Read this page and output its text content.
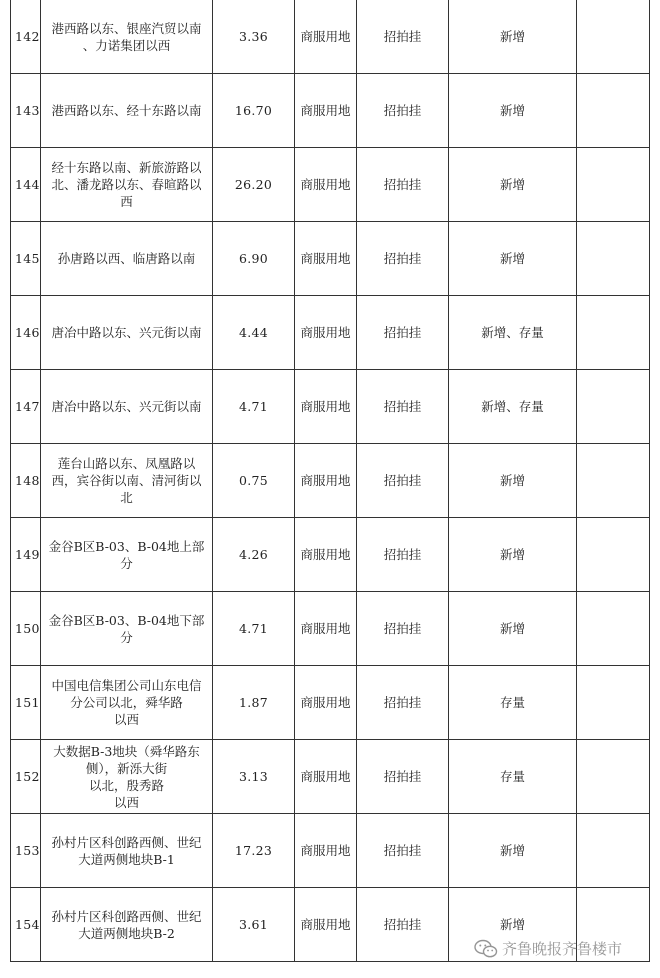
142	港西路以东、银座汽贸以南
、力诺集团以西	3.36	商服用地	招拍挂	新增	
143	港西路以东、经十东路以南	16.70	商服用地	招拍挂	新增	
144	经十东路以南、新旅游路以
北、潘龙路以东、春暄路以
西	26.20	商服用地	招拍挂	新增	
145	孙唐路以西、临唐路以南	6.90	商服用地	招拍挂	新增	
146	唐冶中路以东、兴元街以南	4.44	商服用地	招拍挂	新增、存量	
147	唐冶中路以东、兴元街以南	4.71	商服用地	招拍挂	新增、存量	
148	莲台山路以东、凤凰路以
西，宾谷街以南、清河街以
北	0.75	商服用地	招拍挂	新增	
149	金谷B区B-03、B-04地上部
分	4.26	商服用地	招拍挂	新增	
150	金谷B区B-03、B-04地下部
分	4.71	商服用地	招拍挂	新增	
151	中国电信集团公司山东电信
分公司以北，舜华路
以西	1.87	商服用地	招拍挂	存量	
152	大数据B-3地块（舜华路东
侧），新泺大街
以北，殷秀路
以西	3.13	商服用地	招拍挂	存量	
153	孙村片区科创路西侧、世纪
大道两侧地块B-1	17.23	商服用地	招拍挂	新增	
154	孙村片区科创路西侧、世纪
大道两侧地块B-2	3.61	商服用地	招拍挂	新增	
齐鲁晚报齐鲁楼市
